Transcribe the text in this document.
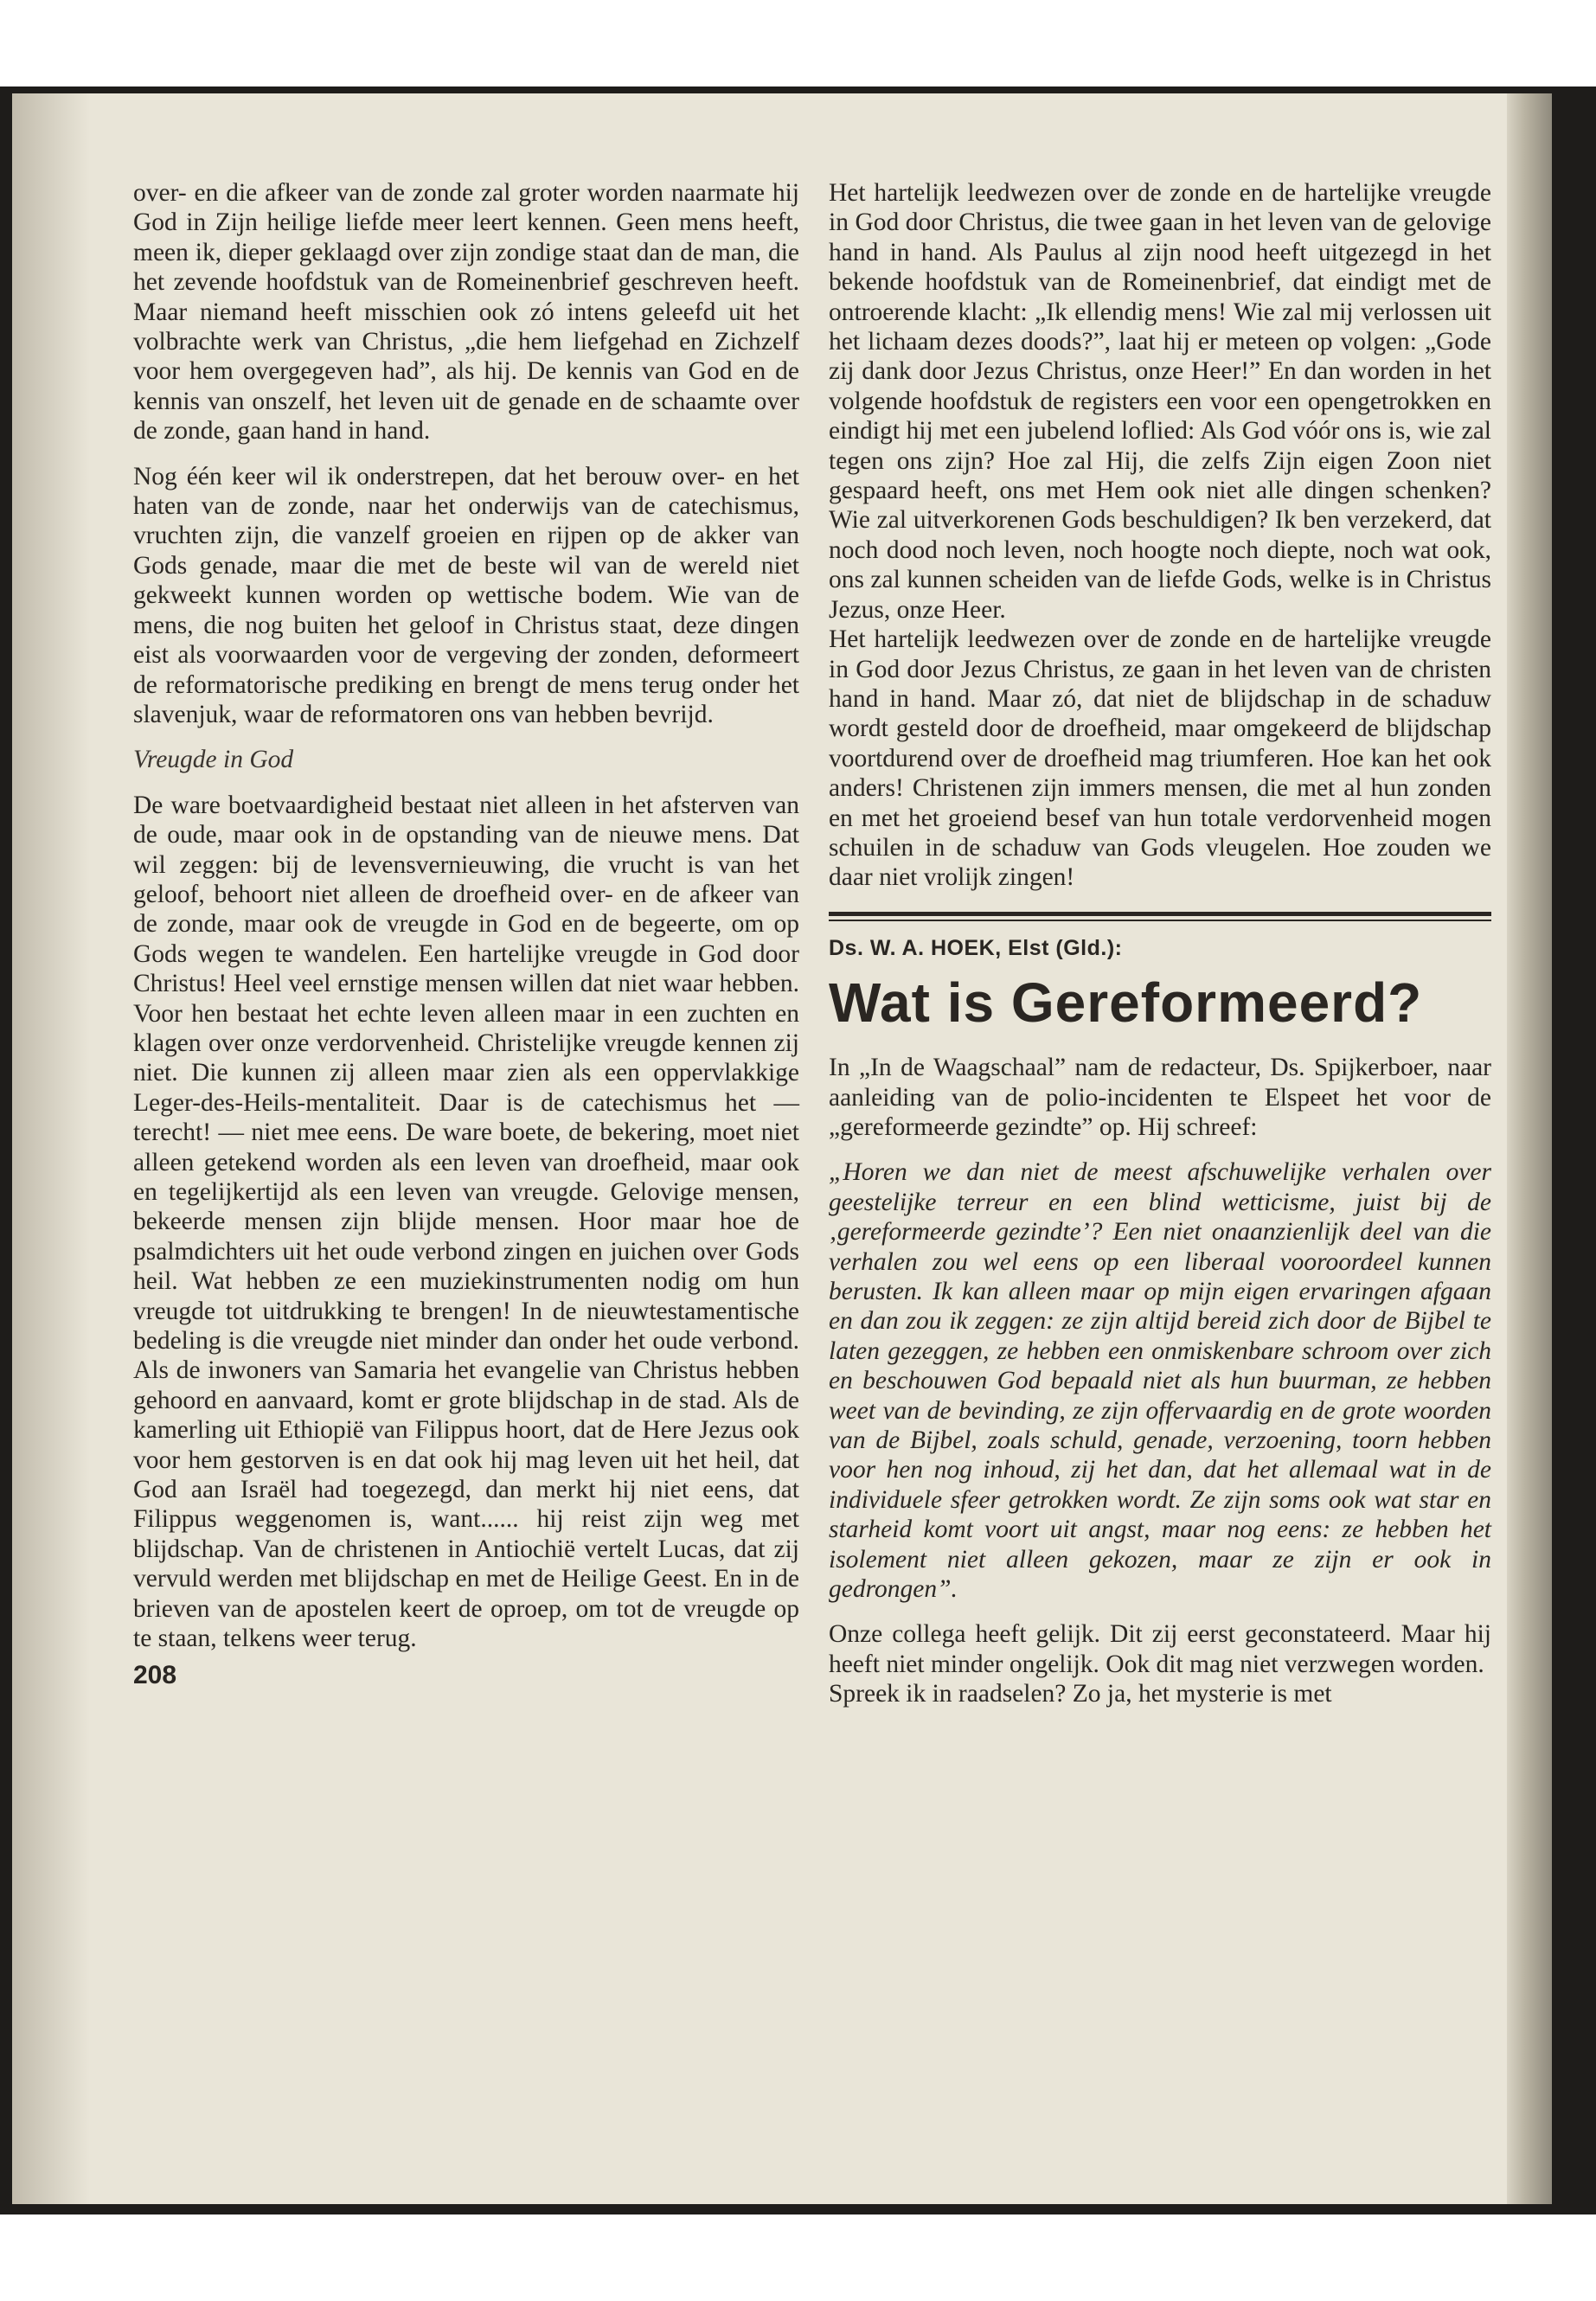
over- en die afkeer van de zonde zal groter worden naarmate hij God in Zijn heilige liefde meer leert kennen. Geen mens heeft, meen ik, dieper geklaagd over zijn zondige staat dan de man, die het zevende hoofdstuk van de Romeinenbrief geschreven heeft. Maar niemand heeft misschien ook zó intens geleefd uit het volbrachte werk van Christus, „die hem liefgehad en Zichzelf voor hem overgegeven had”, als hij. De kennis van God en de kennis van onszelf, het leven uit de genade en de schaamte over de zonde, gaan hand in hand.

Nog één keer wil ik onderstrepen, dat het berouw over- en het haten van de zonde, naar het onderwijs van de catechismus, vruchten zijn, die vanzelf groeien en rijpen op de akker van Gods genade, maar die met de beste wil van de wereld niet gekweekt kunnen worden op wettische bodem. Wie van de mens, die nog buiten het geloof in Christus staat, deze dingen eist als voorwaarden voor de vergeving der zonden, deformeert de reformatorische prediking en brengt de mens terug onder het slavenjuk, waar de reformatoren ons van hebben bevrijd.

Vreugde in God

De ware boetvaardigheid bestaat niet alleen in het afsterven van de oude, maar ook in de opstanding van de nieuwe mens. Dat wil zeggen: bij de levensvernieuwing, die vrucht is van het geloof, behoort niet alleen de droefheid over- en de afkeer van de zonde, maar ook de vreugde in God en de begeerte, om op Gods wegen te wandelen. Een hartelijke vreugde in God door Christus! Heel veel ernstige mensen willen dat niet waar hebben. Voor hen bestaat het echte leven alleen maar in een zuchten en klagen over onze verdorvenheid. Christelijke vreugde kennen zij niet. Die kunnen zij alleen maar zien als een oppervlakkige Leger-des-Heils-mentaliteit. Daar is de catechismus het — terecht! — niet mee eens. De ware boete, de bekering, moet niet alleen getekend worden als een leven van droefheid, maar ook en tegelijkertijd als een leven van vreugde. Gelovige mensen, bekeerde mensen zijn blijde mensen. Hoor maar hoe de psalmdichters uit het oude verbond zingen en juichen over Gods heil. Wat hebben ze een muziekinstrumenten nodig om hun vreugde tot uitdrukking te brengen! In de nieuwtestamentische bedeling is die vreugde niet minder dan onder het oude verbond. Als de inwoners van Samaria het evangelie van Christus hebben gehoord en aanvaard, komt er grote blijdschap in de stad. Als de kamerling uit Ethiopië van Filippus hoort, dat de Here Jezus ook voor hem gestorven is en dat ook hij mag leven uit het heil, dat God aan Israël had toegezegd, dan merkt hij niet eens, dat Filippus weggenomen is, want...... hij reist zijn weg met blijdschap. Van de christenen in Antiochië vertelt Lucas, dat zij vervuld werden met blijdschap en met de Heilige Geest. En in de brieven van de apostelen keert de oproep, om tot de vreugde op te staan, telkens weer terug.

208

Het hartelijk leedwezen over de zonde en de hartelijke vreugde in God door Christus, die twee gaan in het leven van de gelovige hand in hand. Als Paulus al zijn nood heeft uitgezegd in het bekende hoofdstuk van de Romeinenbrief, dat eindigt met de ontroerende klacht: „Ik ellendig mens! Wie zal mij verlossen uit het lichaam dezes doods?”, laat hij er meteen op volgen: „Gode zij dank door Jezus Christus, onze Heer!” En dan worden in het volgende hoofdstuk de registers een voor een opengetrokken en eindigt hij met een jubelend loflied: Als God vóór ons is, wie zal tegen ons zijn? Hoe zal Hij, die zelfs Zijn eigen Zoon niet gespaard heeft, ons met Hem ook niet alle dingen schenken? Wie zal uitverkorenen Gods beschuldigen? Ik ben verzekerd, dat noch dood noch leven, noch hoogte noch diepte, noch wat ook, ons zal kunnen scheiden van de liefde Gods, welke is in Christus Jezus, onze Heer.

Het hartelijk leedwezen over de zonde en de hartelijke vreugde in God door Jezus Christus, ze gaan in het leven van de christen hand in hand. Maar zó, dat niet de blijdschap in de schaduw wordt gesteld door de droefheid, maar omgekeerd de blijdschap voortdurend over de droefheid mag triumferen. Hoe kan het ook anders! Christenen zijn immers mensen, die met al hun zonden en met het groeiend besef van hun totale verdorvenheid mogen schuilen in de schaduw van Gods vleugelen. Hoe zouden we daar niet vrolijk zingen!

Ds. W. A. HOEK, Elst (Gld.):

Wat is Gereformeerd?

In „In de Waagschaal” nam de redacteur, Ds. Spijkerboer, naar aanleiding van de polio-incidenten te Elspeet het voor de „gereformeerde gezindte” op. Hij schreef:

„Horen we dan niet de meest afschuwelijke verhalen over geestelijke terreur en een blind wetticisme, juist bij de ‚gereformeerde gezindte’? Een niet onaanzienlijk deel van die verhalen zou wel eens op een liberaal vooroordeel kunnen berusten. Ik kan alleen maar op mijn eigen ervaringen afgaan en dan zou ik zeggen: ze zijn altijd bereid zich door de Bijbel te laten gezeggen, ze hebben een onmiskenbare schroom over zich en beschouwen God bepaald niet als hun buurman, ze hebben weet van de bevinding, ze zijn offervaardig en de grote woorden van de Bijbel, zoals schuld, genade, verzoening, toorn hebben voor hen nog inhoud, zij het dan, dat het allemaal wat in de individuele sfeer getrokken wordt. Ze zijn soms ook wat star en starheid komt voort uit angst, maar nog eens: ze hebben het isolement niet alleen gekozen, maar ze zijn er ook in gedrongen”.

Onze collega heeft gelijk. Dit zij eerst geconstateerd. Maar hij heeft niet minder ongelijk. Ook dit mag niet verzwegen worden.

Spreek ik in raadselen? Zo ja, het mysterie is met
